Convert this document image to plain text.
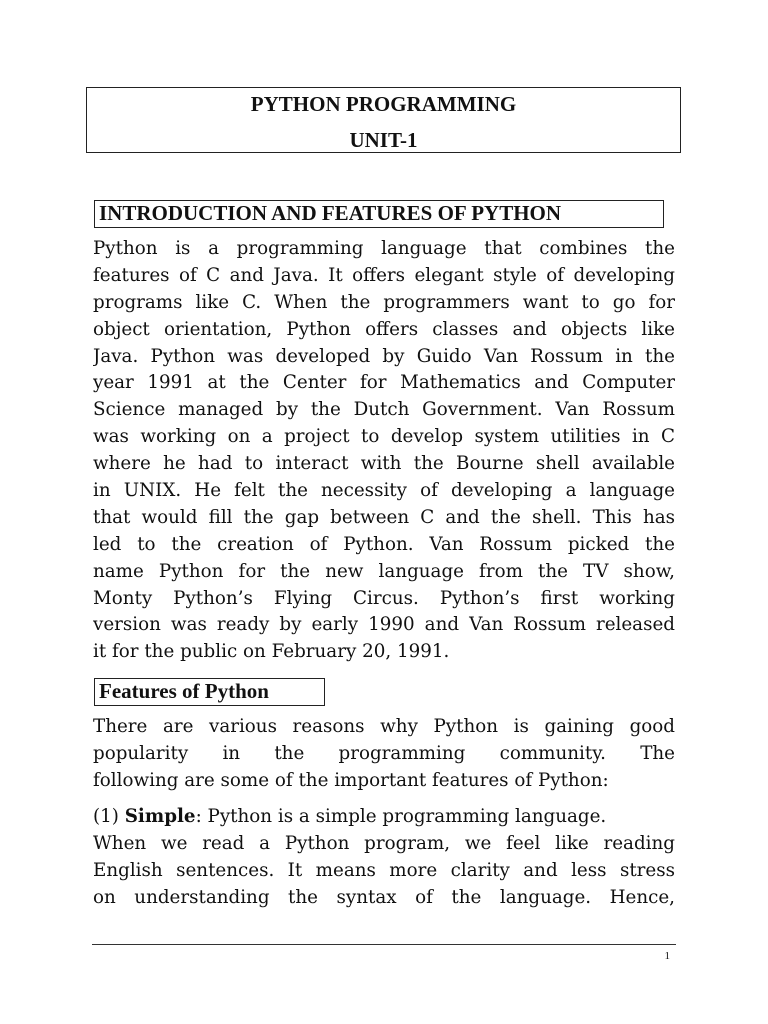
PYTHON PROGRAMMING
UNIT-1
INTRODUCTION AND FEATURES OF PYTHON
Python is a programming language that combines the
features of C and Java. It offers elegant style of developing
programs like C. When the programmers want to go for
object orientation, Python offers classes and objects like
Java. Python was developed by Guido Van Rossum in the
year 1991 at the Center for Mathematics and Computer
Science managed by the Dutch Government. Van Rossum
was working on a project to develop system utilities in C
where he had to interact with the Bourne shell available
in UNIX. He felt the necessity of developing a language
that would fill the gap between C and the shell. This has
led to the creation of Python. Van Rossum picked the
name Python for the new language from the TV show,
Monty Python’s Flying Circus. Python’s first working
version was ready by early 1990 and Van Rossum released
it for the public on February 20, 1991.
Features of Python
There are various reasons why Python is gaining good
popularity in the programming community. The
following are some of the important features of Python:
(1) Simple: Python is a simple programming language.
When we read a Python program, we feel like reading
English sentences. It means more clarity and less stress
on understanding the syntax of the language. Hence,
1
